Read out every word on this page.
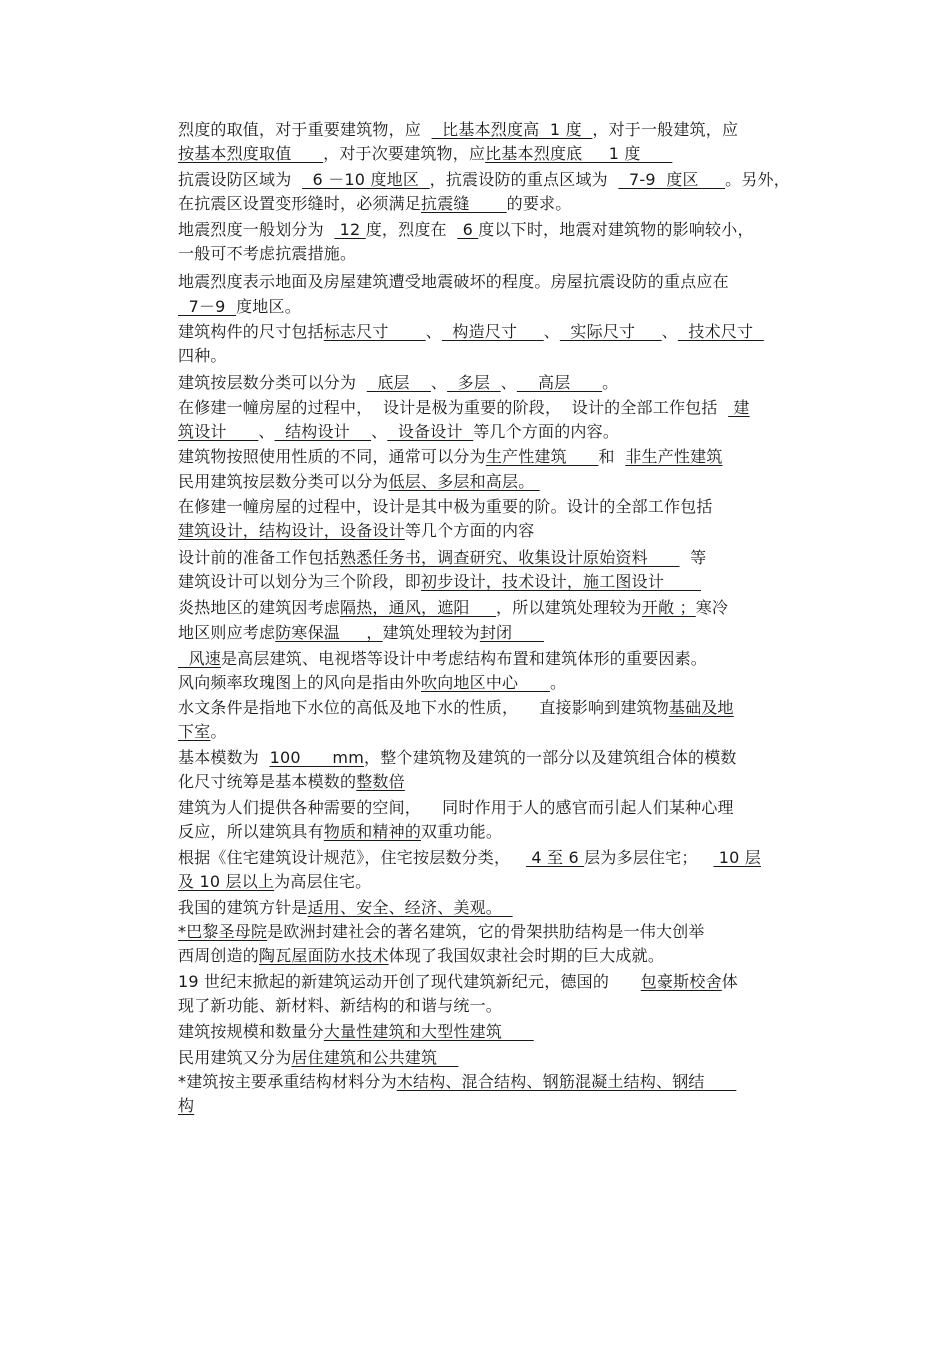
烈度的取值，对于重要建筑物，应    比基本烈度高  1 度  ，对于一般建筑，应
按基本烈度取值      ，对于次要建筑物，应比基本烈度底     1 度
抗震设防区域为    6 －10 度地区  ，抗震设防的重点区域为    7-9  度区     。另外，
在抗震区设置变形缝时，必须满足抗震缝       的要求。
地震烈度一般划分为   12 度，烈度在   6 度以下时，地震对建筑物的影响较小，
一般可不考虑抗震措施。
地震烈度表示地面及房屋建筑遭受地震破坏的程度。房屋抗震设防的重点应在
7－9  度地区。
建筑构件的尺寸包括标志尺寸       、  构造尺寸     、  实际尺寸     、  技术尺寸
四种。
建筑按层数分类可以分为    底层    、  多层  、    高层      。
在修建一幢房屋的过程中，  设计是极为重要的阶段，  设计的全部工作包括   建
筑设计      、  结构设计    、  设备设计  等几个方面的内容。
建筑物按照使用性质的不同，通常可以分为生产性建筑      和  非生产性建筑
民用建筑按层数分类可以分为低层、多层和高层。
在修建一幢房屋的过程中，设计是其中极为重要的阶。设计的全部工作包括
建筑设计，结构设计，设备设计等几个方面的内容
设计前的准备工作包括熟悉任务书，调查研究、收集设计原始资料        等
建筑设计可以划分为三个阶段，即初步设计，技术设计，施工图设计
炎热地区的建筑因考虑隔热，通风，遮阳     ，所以建筑处理较为开敞 ；寒冷
地区则应考虑防寒保温     ，建筑处理较为封闭
风速是高层建筑、电视塔等设计中考虑结构布置和建筑体形的重要因素。
风向频率玫瑰图上的风向是指由外吹向地区中心      。
水文条件是指地下水位的高低及地下水的性质，    直接影响到建筑物基础及地
下室。
基本模数为  100      mm，整个建筑物及建筑的一部分以及建筑组合体的模数
化尺寸统筹是基本模数的整数倍
建筑为人们提供各种需要的空间，    同时作用于人的感官而引起人们某种心理
反应，所以建筑具有物质和精神的双重功能。
根据《住宅建筑设计规范》，住宅按层数分类，    4 至 6 层为多层住宅；    10 层
及 10 层以上为高层住宅。
我国的建筑方针是适用、安全、经济、美观。
*巴黎圣母院是欧洲封建社会的著名建筑，它的骨架拱肋结构是一伟大创举
西周创造的陶瓦屋面防水技术体现了我国奴隶社会时期的巨大成就。
19 世纪末掀起的新建筑运动开创了现代建筑新纪元，德国的      包豪斯校舍体
现了新功能、新材料、新结构的和谐与统一。
建筑按规模和数量分大量性建筑和大型性建筑
民用建筑又分为居住建筑和公共建筑
*建筑按主要承重结构材料分为木结构、混合结构、钢筋混凝土结构、钢结
构
